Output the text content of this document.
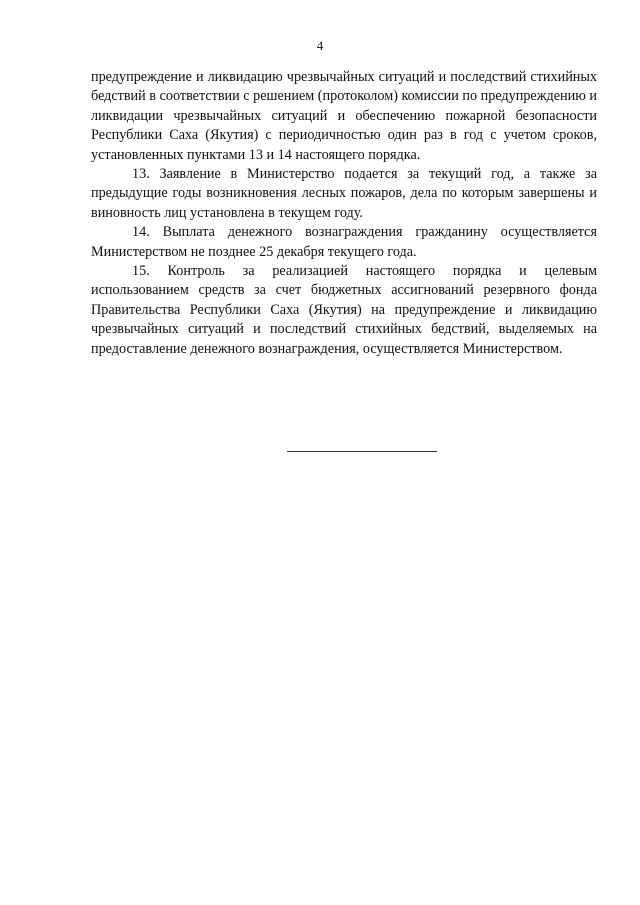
4

предупреждение и ликвидацию чрезвычайных ситуаций и последствий стихийных бедствий в соответствии с решением (протоколом) комиссии по предупреждению и ликвидации чрезвычайных ситуаций и обеспечению пожарной безопасности Республики Саха (Якутия) с периодичностью один раз в год с учетом сроков, установленных пунктами 13 и 14 настоящего порядка.

13. Заявление в Министерство подается за текущий год, а также за предыдущие годы возникновения лесных пожаров, дела по которым завершены и виновность лиц установлена в текущем году.

14. Выплата денежного вознаграждения гражданину осуществляется Министерством не позднее 25 декабря текущего года.

15. Контроль за реализацией настоящего порядка и целевым использованием средств за счет бюджетных ассигнований резервного фонда Правительства Республики Саха (Якутия) на предупреждение и ликвидацию чрезвычайных ситуаций и последствий стихийных бедствий, выделяемых на предоставление денежного вознаграждения, осуществляется Министерством.
